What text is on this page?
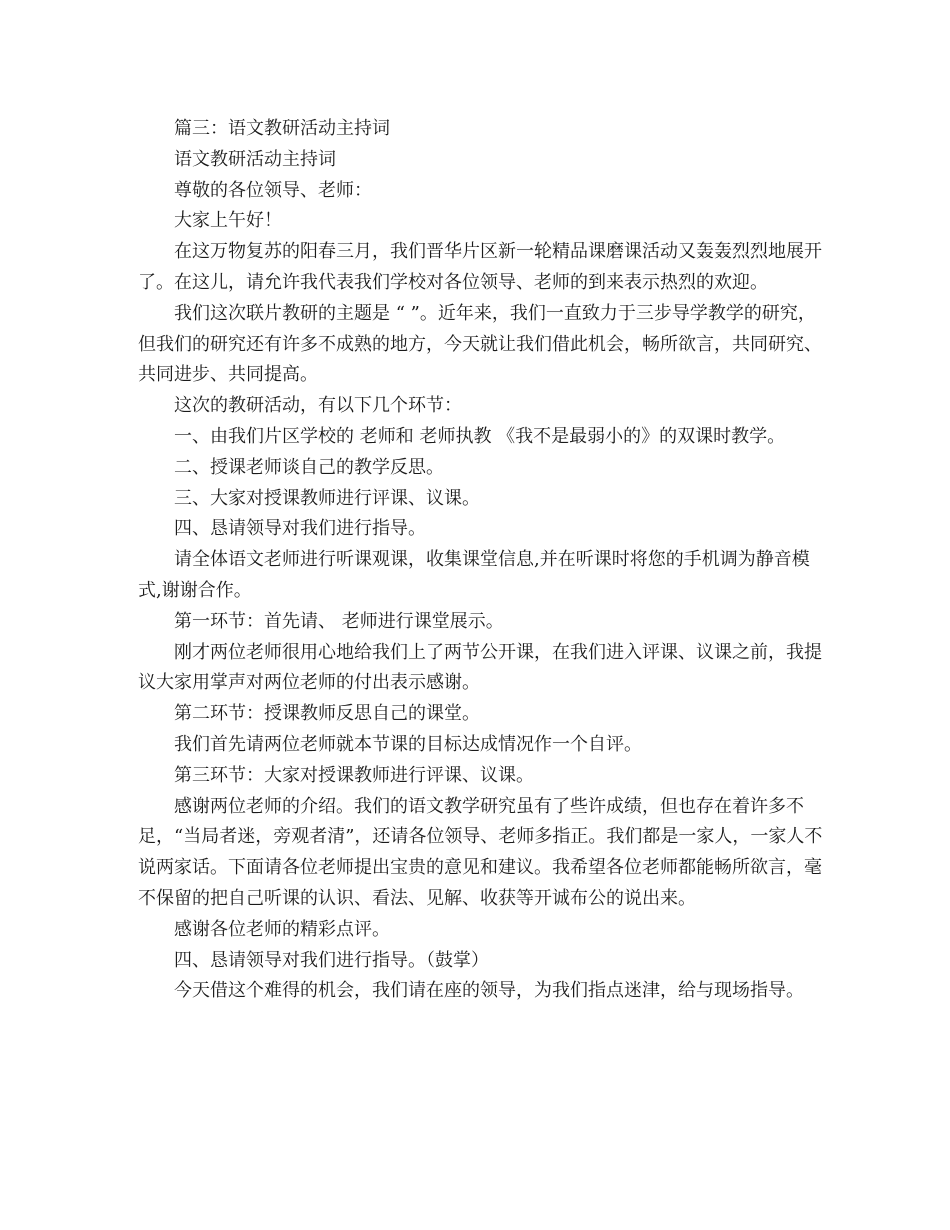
篇三：语文教研活动主持词

语文教研活动主持词

尊敬的各位领导、老师：

大家上午好！

在这万物复苏的阳春三月，我们晋华片区新一轮精品课磨课活动又轰轰烈烈地展开了。在这儿，请允许我代表我们学校对各位领导、老师的到来表示热烈的欢迎。

我们这次联片教研的主题是 “ ”。近年来，我们一直致力于三步导学教学的研究，但我们的研究还有许多不成熟的地方，今天就让我们借此机会，畅所欲言，共同研究、共同进步、共同提高。

这次的教研活动，有以下几个环节：

一、由我们片区学校的 老师和 老师执教 《我不是最弱小的》的双课时教学。

二、授课老师谈自己的教学反思。

三、大家对授课教师进行评课、议课。

四、恳请领导对我们进行指导。

请全体语文老师进行听课观课，收集课堂信息,并在听课时将您的手机调为静音模式,谢谢合作。

第一环节：首先请、 老师进行课堂展示。

刚才两位老师很用心地给我们上了两节公开课，在我们进入评课、议课之前，我提议大家用掌声对两位老师的付出表示感谢。

第二环节：授课教师反思自己的课堂。

我们首先请两位老师就本节课的目标达成情况作一个自评。

第三环节：大家对授课教师进行评课、议课。

感谢两位老师的介绍。我们的语文教学研究虽有了些许成绩，但也存在着许多不足，“当局者迷，旁观者清”，还请各位领导、老师多指正。我们都是一家人，一家人不说两家话。下面请各位老师提出宝贵的意见和建议。我希望各位老师都能畅所欲言，毫不保留的把自己听课的认识、看法、见解、收获等开诚布公的说出来。

感谢各位老师的精彩点评。

四、恳请领导对我们进行指导。（鼓掌）

今天借这个难得的机会，我们请在座的领导，为我们指点迷津，给与现场指导。
